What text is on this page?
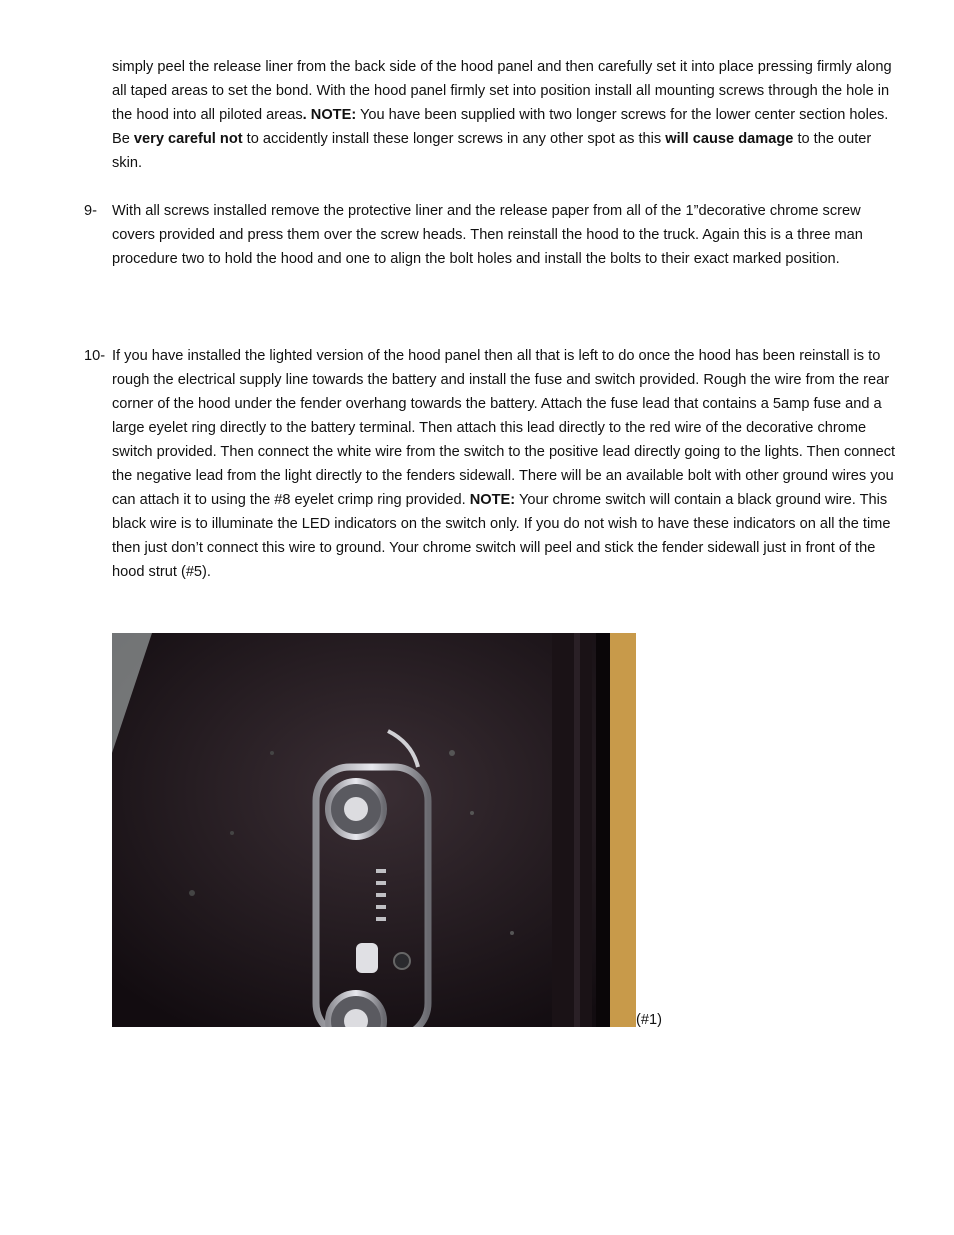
simply peel the release liner from the back side of the hood panel and then carefully set it into place pressing firmly along all taped areas to set the bond. With the hood panel firmly set into position install all mounting screws through the hole in the hood into all piloted areas. NOTE: You have been supplied with two longer screws for the lower center section holes. Be very careful not to accidently install these longer screws in any other spot as this will cause damage to the outer skin.
9- With all screws installed remove the protective liner and the release paper from all of the 1”decorative chrome screw covers provided and press them over the screw heads. Then reinstall the hood to the truck. Again this is a three man procedure two to hold the hood and one to align the bolt holes and install the bolts to their exact marked position.
10- If you have installed the lighted version of the hood panel then all that is left to do once the hood has been reinstall is to rough the electrical supply line towards the battery and install the fuse and switch provided. Rough the wire from the rear corner of the hood under the fender overhang towards the battery. Attach the fuse lead that contains a 5amp fuse and a large eyelet ring directly to the battery terminal. Then attach this lead directly to the red wire of the decorative chrome switch provided. Then connect the white wire from the switch to the positive lead directly going to the lights. Then connect the negative lead from the light directly to the fenders sidewall. There will be an available bolt with other ground wires you can attach it to using the #8 eyelet crimp ring provided. NOTE: Your chrome switch will contain a black ground wire. This black wire is to illuminate the LED indicators on the switch only. If you do not wish to have these indicators on all the time then just don’t connect this wire to ground. Your chrome switch will peel and stick the fender sidewall just in front of the hood strut (#5).
(#1)
